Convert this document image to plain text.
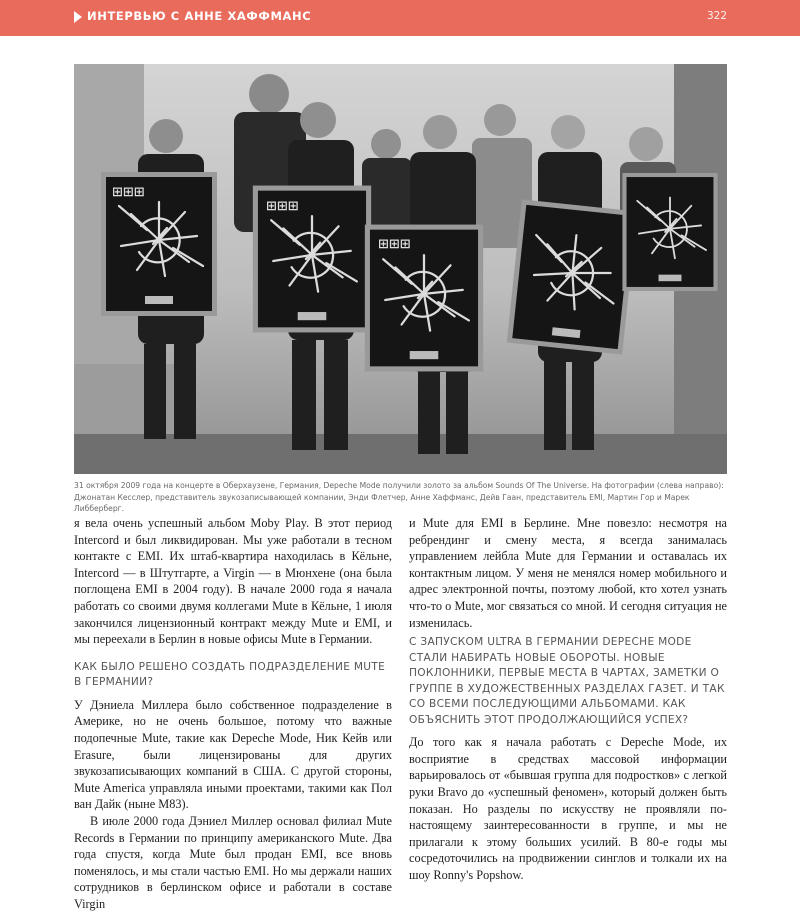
ИНТЕРВЬЮ С АННЕ ХАФФМАНС	322
⊞⊞⊞
⊞⊞⊞
⊞⊞⊞
31 октября 2009 года на концерте в Оберхаузене, Германия, Depeche Mode получили золото за альбом Sounds Of The Universe. На фотографии (слева направо): Джонатан Кесслер, представитель звукозаписывающей компании, Энди Флетчер, Анне Хаффманс, Дейв Гаан, представитель EMI, Мартин Гор и Марек Либберберг.

я вела очень успешный альбом Moby Play. В этот период Intercord и был ликвидирован. Мы уже работали в тесном контакте с EMI. Их штаб-квартира находилась в Кёльне, Intercord — в Штутгарте, а Virgin — в Мюнхене (она была поглощена EMI в 2004 году). В начале 2000 года я начала работать со своими двумя коллегами Mute в Кёльне, 1 июля закончился лицензионный контракт между Mute и EMI, и мы переехали в Берлин в новые офисы Mute в Германии.

КАК БЫЛО РЕШЕНО СОЗДАТЬ ПОДРАЗДЕЛЕНИЕ MUTE В ГЕРМАНИИ?

У Дэниела Миллера было собственное подразделение в Америке, но не очень большое, потому что важные подопечные Mute, такие как Depeche Mode, Ник Кейв или Erasure, были лицензированы для других звукозаписывающих компаний в США. С другой стороны, Mute America управляла иными проектами, такими как Пол ван Дайк (ныне M83).

В июле 2000 года Дэниел Миллер основал филиал Mute Records в Германии по принципу американского Mute. Два года спустя, когда Mute был продан EMI, все вновь поменялось, и мы стали частью EMI. Но мы держали наших сотрудников в берлинском офисе и работали в составе Virgin

и Mute для EMI в Берлине. Мне повезло: несмотря на ребрендинг и смену места, я всегда занималась управлением лейбла Mute для Германии и оставалась их контактным лицом. У меня не менялся номер мобильного и адрес электронной почты, поэтому любой, кто хотел узнать что-то о Mute, мог связаться со мной. И сегодня ситуация не изменилась.

С ЗАПУСКОМ ULTRA В ГЕРМАНИИ DEPECHE MODE СТАЛИ НАБИРАТЬ НОВЫЕ ОБОРОТЫ. НОВЫЕ ПОКЛОННИКИ, ПЕРВЫЕ МЕСТА В ЧАРТАХ, ЗАМЕТКИ О ГРУППЕ В ХУДОЖЕСТВЕННЫХ РАЗДЕЛАХ ГАЗЕТ. И ТАК СО ВСЕМИ ПОСЛЕДУЮЩИМИ АЛЬБОМАМИ. КАК ОБЪЯСНИТЬ ЭТОТ ПРОДОЛЖАЮЩИЙСЯ УСПЕХ?

До того как я начала работать с Depeche Mode, их восприятие в средствах массовой информации варьировалось от «бывшая группа для подростков» с легкой руки Bravo до «успешный феномен», который должен быть показан. Но разделы по искусству не проявляли по-настоящему заинтересованности в группе, и мы не прилагали к этому больших усилий. В 80-е годы мы сосредоточились на продвижении синглов и толкали их на шоу Ronny's Popshow.
